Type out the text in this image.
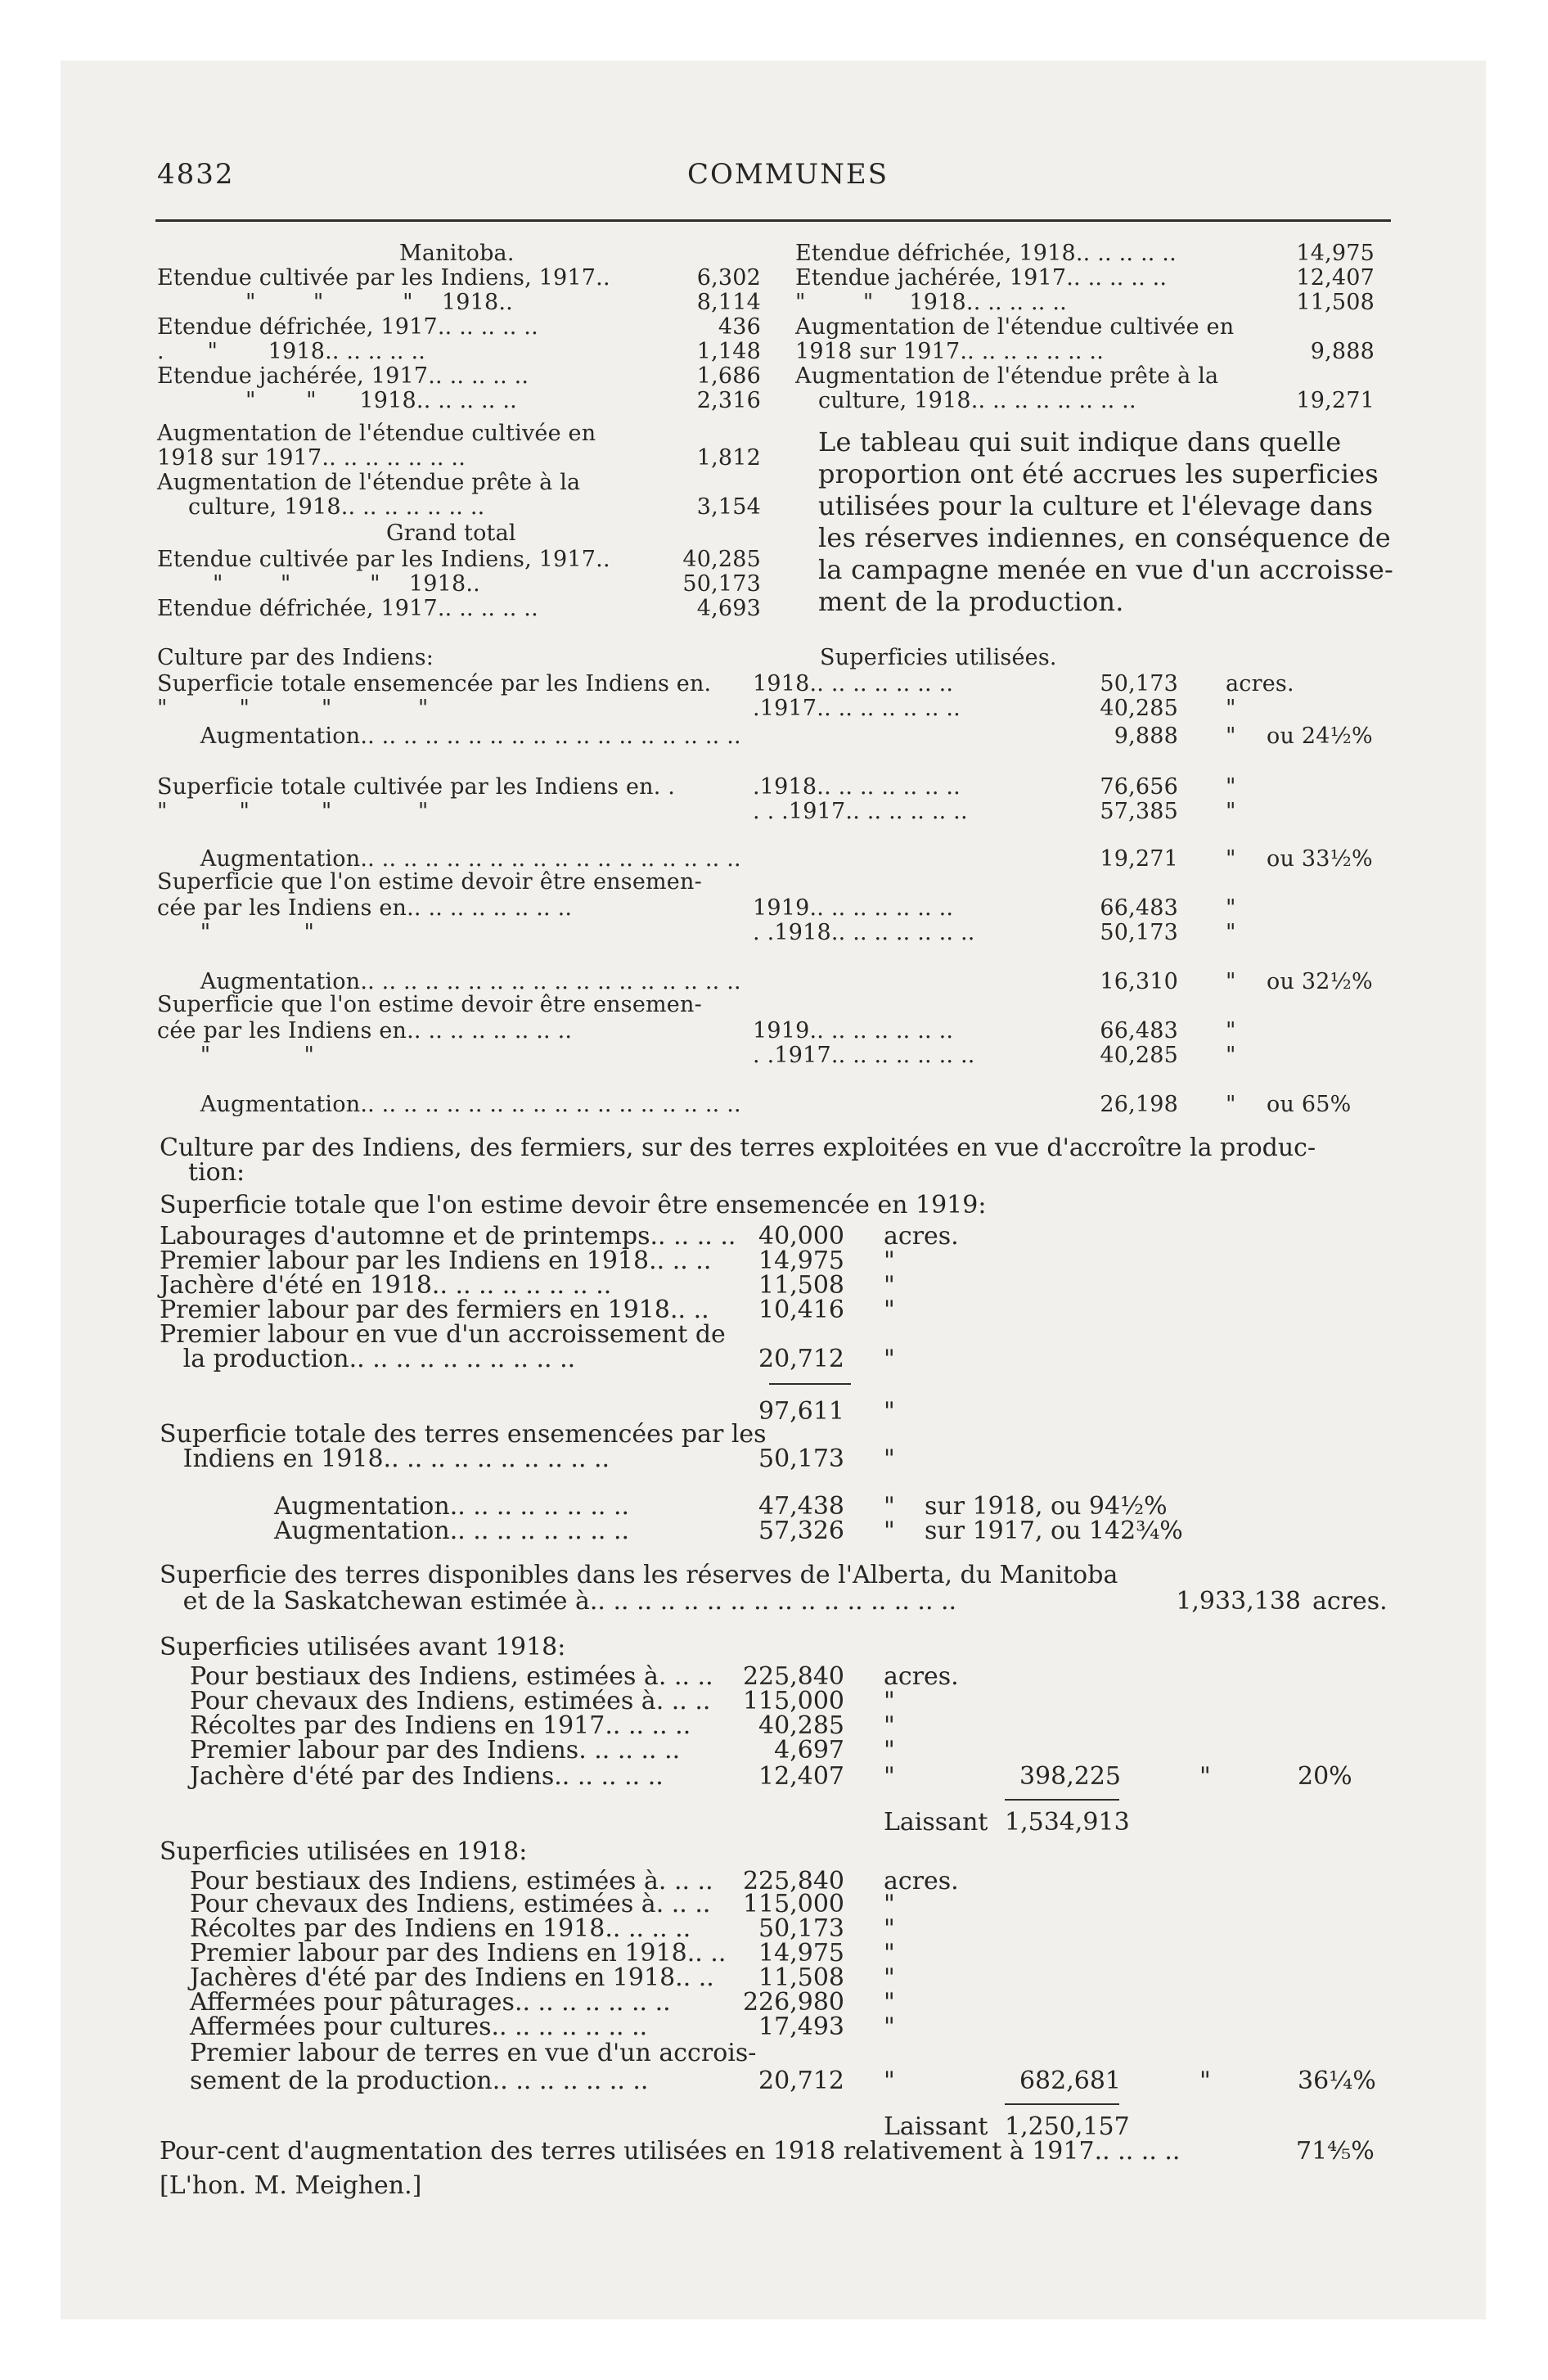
4832	COMMUNES
Manitoba.
Etendue cultivée par les Indiens, 1917..	6,302
"        "           "    1918..	8,114
Etendue défrichée, 1917.. .. .. .. ..	436
.      "       1918.. .. .. .. ..	1,148
Etendue jachérée, 1917.. .. .. .. ..	1,686
"       "      1918.. .. .. .. ..	2,316
Augmentation de l'étendue cultivée en
1918 sur 1917.. .. .. .. .. .. ..	1,812
Augmentation de l'étendue prête à la
culture, 1918.. .. .. .. .. .. ..	3,154
Grand total
Etendue cultivée par les Indiens, 1917..	40,285
"        "           "    1918..	50,173
Etendue défrichée, 1917.. .. .. .. ..	4,693
Etendue défrichée, 1918.. .. .. .. ..	14,975
Etendue jachérée, 1917.. .. .. .. ..	12,407
"        "     1918.. .. .. .. ..	11,508
Augmentation de l'étendue cultivée en
1918 sur 1917.. .. .. .. .. .. ..	9,888
Augmentation de l'étendue prête à la
culture, 1918.. .. .. .. .. .. .. ..	19,271
Le tableau qui suit indique dans quelle
proportion ont été accrues les superficies
utilisées pour la culture et l'élevage dans
les réserves indiennes, en conséquence de
la campagne menée en vue d'un accroisse-
ment de la production.
Culture par des Indiens:	Superficies utilisées.
Superficie totale ensemencée par les Indiens en. 1918.. .. .. .. .. .. ..	50,173 acres.
"          "          "            "	.1917.. .. .. .. .. .. ..	40,285 "
Augmentation.. .. .. .. .. .. .. .. .. .. .. .. .. .. .. .. .. ..	9,888 " ou 24½%
Superficie totale cultivée par les Indiens en. .	.1918.. .. .. .. .. .. ..	76,656 "
"          "          "            "	. . .1917.. .. .. .. .. ..	57,385 "
Augmentation.. .. .. .. .. .. .. .. .. .. .. .. .. .. .. .. .. ..	19,271 " ou 33½%
Superficie que l'on estime devoir être ensemen-
cée par les Indiens en.. .. .. .. .. .. .. ..	1919.. .. .. .. .. .. ..	66,483 "
"             "	. .1918.. .. .. .. .. .. ..	50,173 "
Augmentation.. .. .. .. .. .. .. .. .. .. .. .. .. .. .. .. .. ..	16,310 " ou 32½%
Superficie que l'on estime devoir être ensemen-
cée par les Indiens en.. .. .. .. .. .. .. ..	1919.. .. .. .. .. .. ..	66,483 "
"             "	. .1917.. .. .. .. .. .. ..	40,285 "
Augmentation.. .. .. .. .. .. .. .. .. .. .. .. .. .. .. .. .. ..	26,198 " ou 65%
Culture par des Indiens, des fermiers, sur des terres exploitées en vue d'accroître la produc-
tion:
Superficie totale que l'on estime devoir être ensemencée en 1919:
Labourages d'automne et de printemps.. .. .. .. 40,000 acres.
Premier labour par les Indiens en 1918.. .. ..	14,975 "
Jachère d'été en 1918.. .. .. .. .. .. .. ..	11,508 "
Premier labour par des fermiers en 1918.. ..	10,416 "
Premier labour en vue d'un accroissement de
la production.. .. .. .. .. .. .. .. .. ..	20,712 "
97,611 "
Superficie totale des terres ensemencées par les
Indiens en 1918.. .. .. .. .. .. .. .. .. ..	50,173 "
Augmentation.. .. .. .. .. .. .. ..	47,438 " sur 1918, ou 94½%
Augmentation.. .. .. .. .. .. .. ..	57,326 " sur 1917, ou 142¾%
Superficie des terres disponibles dans les réserves de l'Alberta, du Manitoba
et de la Saskatchewan estimée à.. .. .. .. .. .. .. .. .. .. .. .. .. .. .. ..	1,933,138 acres.
Superficies utilisées avant 1918:
Pour bestiaux des Indiens, estimées à. .. ..	225,840 acres.
Pour chevaux des Indiens, estimées à. .. ..	115,000 "
Récoltes par des Indiens en 1917.. .. .. ..	40,285 "
Premier labour par des Indiens. .. .. .. ..	4,697 "
Jachère d'été par des Indiens.. .. .. .. ..	12,407 "	398,225	"	20%
Laissant 1,534,913
Superficies utilisées en 1918:
Pour bestiaux des Indiens, estimées à. .. ..	225,840 acres.
Pour chevaux des Indiens, estimées à. .. ..	115,000 "
Récoltes par des Indiens en 1918.. .. .. ..	50,173 "
Premier labour par des Indiens en 1918.. ..	14,975 "
Jachères d'été par des Indiens en 1918.. ..	11,508 "
Affermées pour pâturages.. .. .. .. .. .. ..	226,980 "
Affermées pour cultures.. .. .. .. .. .. ..	17,493 "
Premier labour de terres en vue d'un accrois-
sement de la production.. .. .. .. .. .. ..	20,712 "	682,681	"	36¼%
Laissant 1,250,157
Pour-cent d'augmentation des terres utilisées en 1918 relativement à 1917.. .. .. ..	71⅘%
[L'hon. M. Meighen.]
